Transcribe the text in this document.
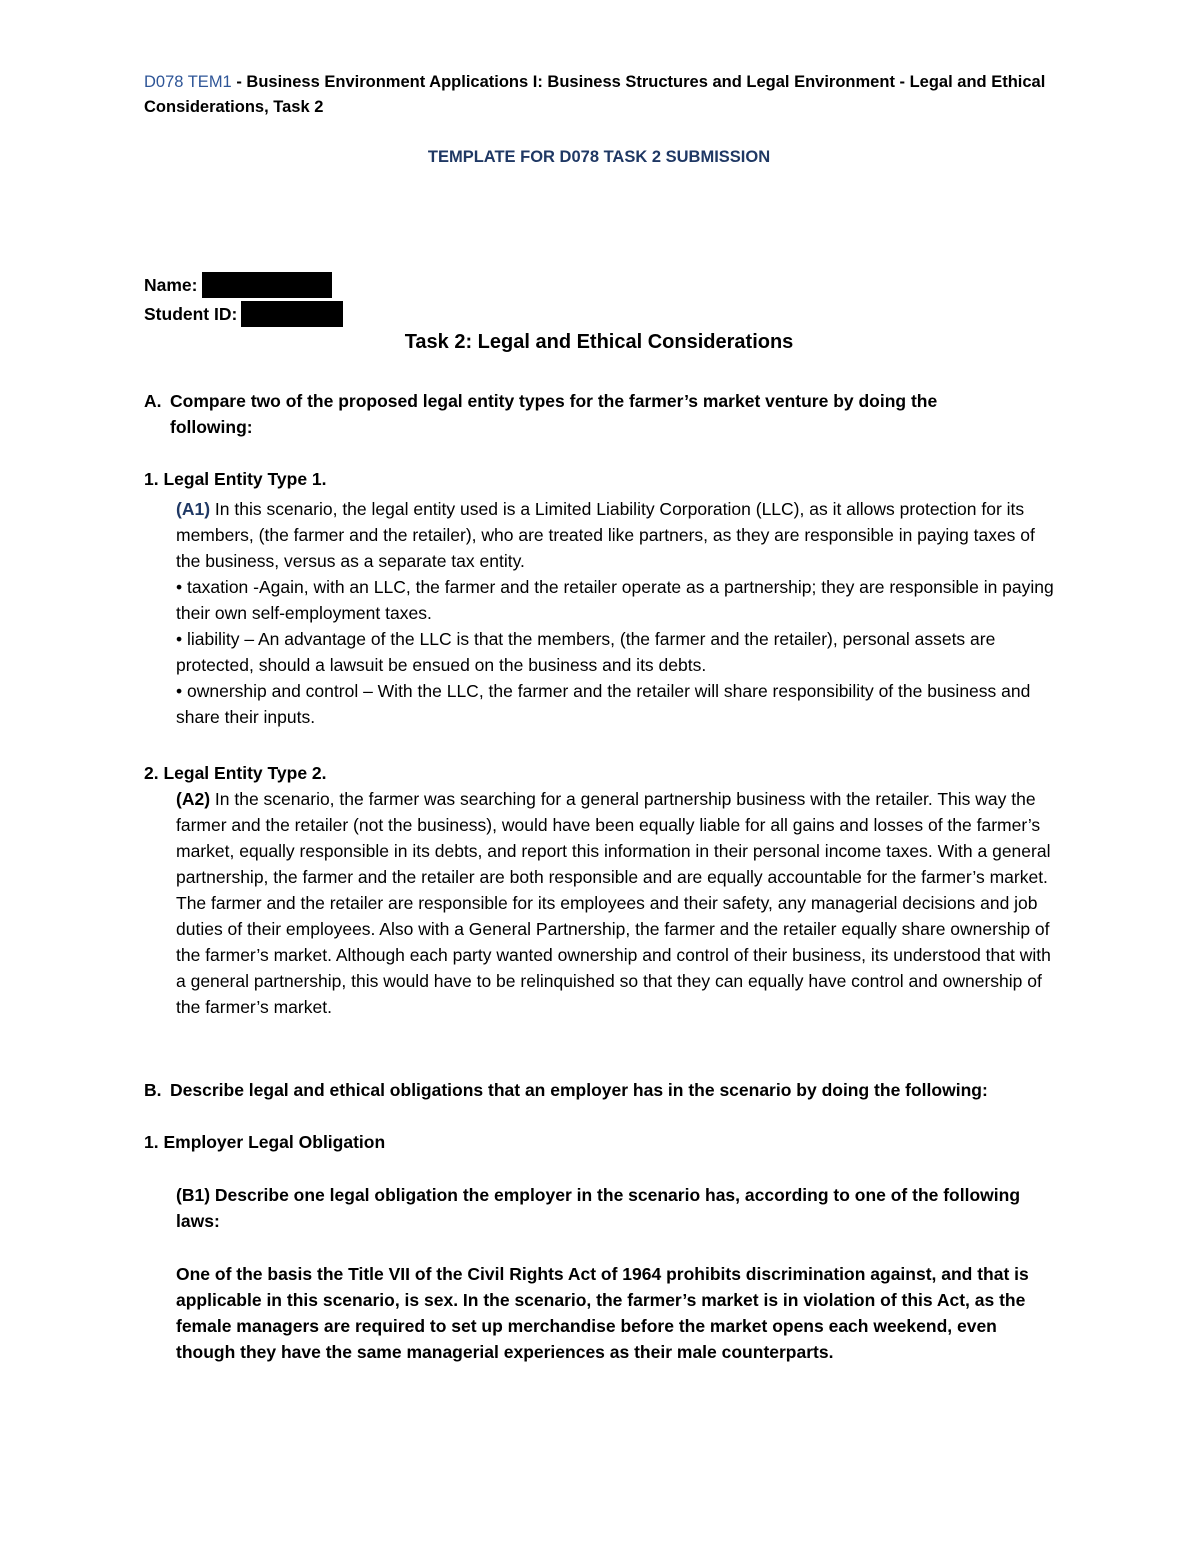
D078 TEM1 - Business Environment Applications I: Business Structures and Legal Environment - Legal and Ethical Considerations, Task 2
TEMPLATE FOR D078 TASK 2 SUBMISSION
Name:
Student ID:
Task 2: Legal and Ethical Considerations
A. Compare two of the proposed legal entity types for the farmer’s market venture by doing the
following:
1. Legal Entity Type 1.

(A1) In this scenario, the legal entity used is a Limited Liability Corporation (LLC), as it allows protection for its members, (the farmer and the retailer), who are treated like partners, as they are responsible in paying taxes of the business, versus as a separate tax entity.

• taxation -Again, with an LLC, the farmer and the retailer operate as a partnership; they are responsible in paying their own self-employment taxes.

• liability – An advantage of the LLC is that the members, (the farmer and the retailer), personal assets are protected, should a lawsuit be ensued on the business and its debts.

• ownership and control – With the LLC, the farmer and the retailer will share responsibility of the business and share their inputs.

2. Legal Entity Type 2.

(A2) In the scenario, the farmer was searching for a general partnership business with the retailer. This way the farmer and the retailer (not the business), would have been equally liable for all gains and losses of the farmer’s market, equally responsible in its debts, and report this information in their personal income taxes. With a general partnership, the farmer and the retailer are both responsible and are equally accountable for the farmer’s market. The farmer and the retailer are responsible for its employees and their safety, any managerial decisions and job duties of their employees. Also with a General Partnership, the farmer and the retailer equally share ownership of the farmer’s market. Although each party wanted ownership and control of their business, its understood that with a general partnership, this would have to be relinquished so that they can equally have control and ownership of the farmer’s market.

B. Describe legal and ethical obligations that an employer has in the scenario by doing the following:
1. Employer Legal Obligation
(B1) Describe one legal obligation the employer in the scenario has, according to one of the following laws:
One of the basis the Title VII of the Civil Rights Act of 1964 prohibits discrimination against, and that is applicable in this scenario, is sex. In the scenario, the farmer’s market is in violation of this Act, as the female managers are required to set up merchandise before the market opens each weekend, even though they have the same managerial experiences as their male counterparts.
